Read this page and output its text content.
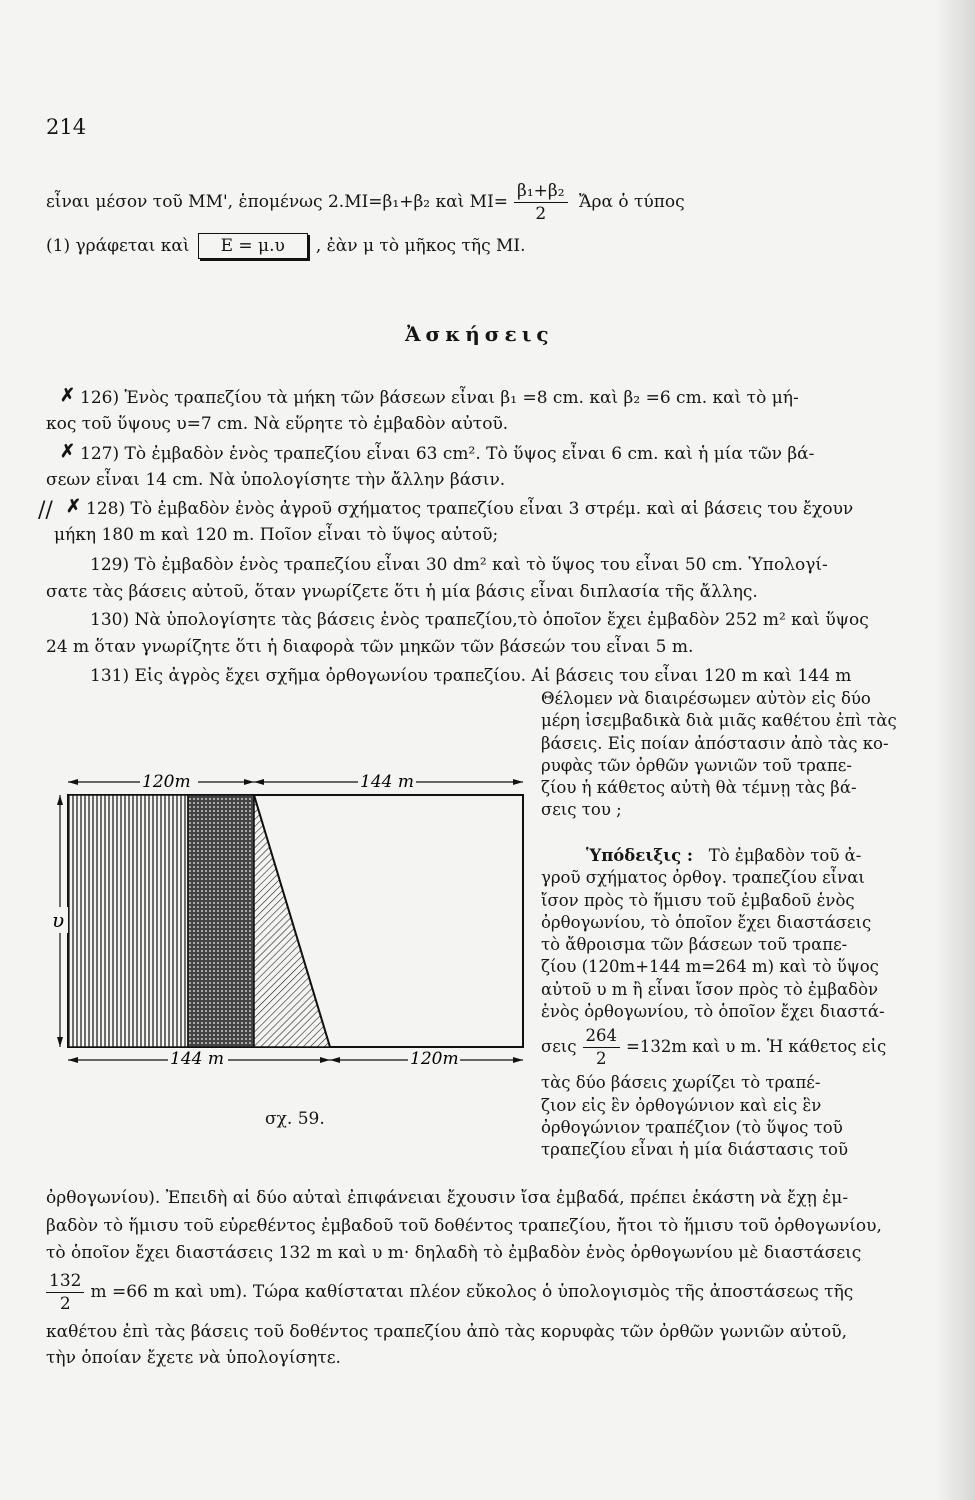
214
εἶναι μέσον τοῦ ΜΜ', ἑπομένως 2.ΜΙ=β₁+β₂ καὶ $MI= \frac{\text{β₁+β₂}}{2}$ Ἄρα ὁ τύπος
(1) γράφεται καὶ Ε = μ.υ , ἐὰν μ τὸ μῆκος τῆς ΜΙ.
Ἀσκήσεις
✗
✗
✗
//
126) Ἑνὸς τραπεζίου τὰ μήκη τῶν βάσεων εἶναι β₁ =8 cm. καὶ β₂ =6 cm. καὶ τὸ μή-
κος τοῦ ὕψους υ=7 cm. Νὰ εὕρητε τὸ ἐμβαδὸν αὐτοῦ.
127) Τὸ ἐμβαδὸν ἑνὸς τραπεζίου εἶναι 63 cm². Τὸ ὕψος εἶναι 6 cm. καὶ ἡ μία τῶν βά-
σεων εἶναι 14 cm. Νὰ ὑπολογίσητε τὴν ἄλλην βάσιν.
128) Τὸ ἐμβαδὸν ἑνὸς ἀγροῦ σχήματος τραπεζίου εἶναι 3 στρέμ. καὶ αἱ βάσεις του ἔχουν
μήκη 180 m καὶ 120 m. Ποῖον εἶναι τὸ ὕψος αὐτοῦ;
129) Τὸ ἐμβαδὸν ἑνὸς τραπεζίου εἶναι 30 dm² καὶ τὸ ὕψος του εἶναι 50 cm. Ὑπολογί-
σατε τὰς βάσεις αὐτοῦ, ὅταν γνωρίζετε ὅτι ἡ μία βάσις εἶναι διπλασία τῆς ἄλλης.
130) Νὰ ὑπολογίσητε τὰς βάσεις ἑνὸς τραπεζίου,τὸ ὁποῖον ἔχει ἐμβαδὸν 252 m² καὶ ὕψος
24 m ὅταν γνωρίζητε ὅτι ἡ διαφορὰ τῶν μηκῶν τῶν βάσεών του εἶναι 5 m.
131) Εἰς ἀγρὸς ἔχει σχῆμα ὀρθογωνίου τραπεζίου. Αἱ βάσεις του εἶναι 120 m καὶ 144 m

Θέλομεν νὰ διαιρέσωμεν αὐτὸν εἰς δύο

μέρη ἰσεμβαδικὰ διὰ μιᾶς καθέτου ἐπὶ τὰς

βάσεις. Εἰς ποίαν ἀπόστασιν ἀπὸ τὰς κο-

ρυφὰς τῶν ὀρθῶν γωνιῶν τοῦ τραπε-

ζίου ἡ κάθετος αὐτὴ θὰ τέμνῃ τὰς βά-

σεις του ;

Ὑπόδειξις : Τὸ ἐμβαδὸν τοῦ ἀ-

γροῦ σχήματος ὀρθογ. τραπεζίου εἶναι

ἴσον πρὸς τὸ ἥμισυ τοῦ ἐμβαδοῦ ἑνὸς

ὀρθογωνίου, τὸ ὁποῖον ἔχει διαστάσεις

τὸ ἄθροισμα τῶν βάσεων τοῦ τραπε-

ζίου (120m+144 m=264 m) καὶ τὸ ὕψος

αὐτοῦ υ m ἢ εἶναι ἴσον πρὸς τὸ ἐμβαδὸν

ἑνὸς ὀρθογωνίου, τὸ ὁποῖον ἔχει διαστά-

σεις $\frac{264}{2} =132m$ καὶ υ m. Ἡ κάθετος εἰς

τὰς δύο βάσεις χωρίζει τὸ τραπέ-

ζιον εἰς ἓν ὀρθογώνιον καὶ εἰς ἓν

ὀρθογώνιον τραπέζιον (τὸ ὕψος τοῦ

τραπεζίου εἶναι ἡ μία διάστασις τοῦ

120m	144 m
144 m	120m
υ
σχ. 59.
ὀρθογωνίου). Ἐπειδὴ αἱ δύο αὐταὶ ἐπιφάνειαι ἔχουσιν ἴσα ἐμβαδά, πρέπει ἑκάστη νὰ ἔχῃ ἐμ-
βαδὸν τὸ ἥμισυ τοῦ εὑρεθέντος ἐμβαδοῦ τοῦ δοθέντος τραπεζίου, ἤτοι τὸ ἥμισυ τοῦ ὀρθογωνίου,
τὸ ὁποῖον ἔχει διαστάσεις 132 m καὶ υ m· δηλαδὴ τὸ ἐμβαδὸν ἑνὸς ὀρθογωνίου μὲ διαστάσεις
$\frac{132}{2}$ m =66 m καὶ υm). Τώρα καθίσταται πλέον εὔκολος ὁ ὑπολογισμὸς τῆς ἀποστάσεως τῆς
καθέτου ἐπὶ τὰς βάσεις τοῦ δοθέντος τραπεζίου ἀπὸ τὰς κορυφὰς τῶν ὀρθῶν γωνιῶν αὐτοῦ,
τὴν ὁποίαν ἔχετε νὰ ὑπολογίσητε.
